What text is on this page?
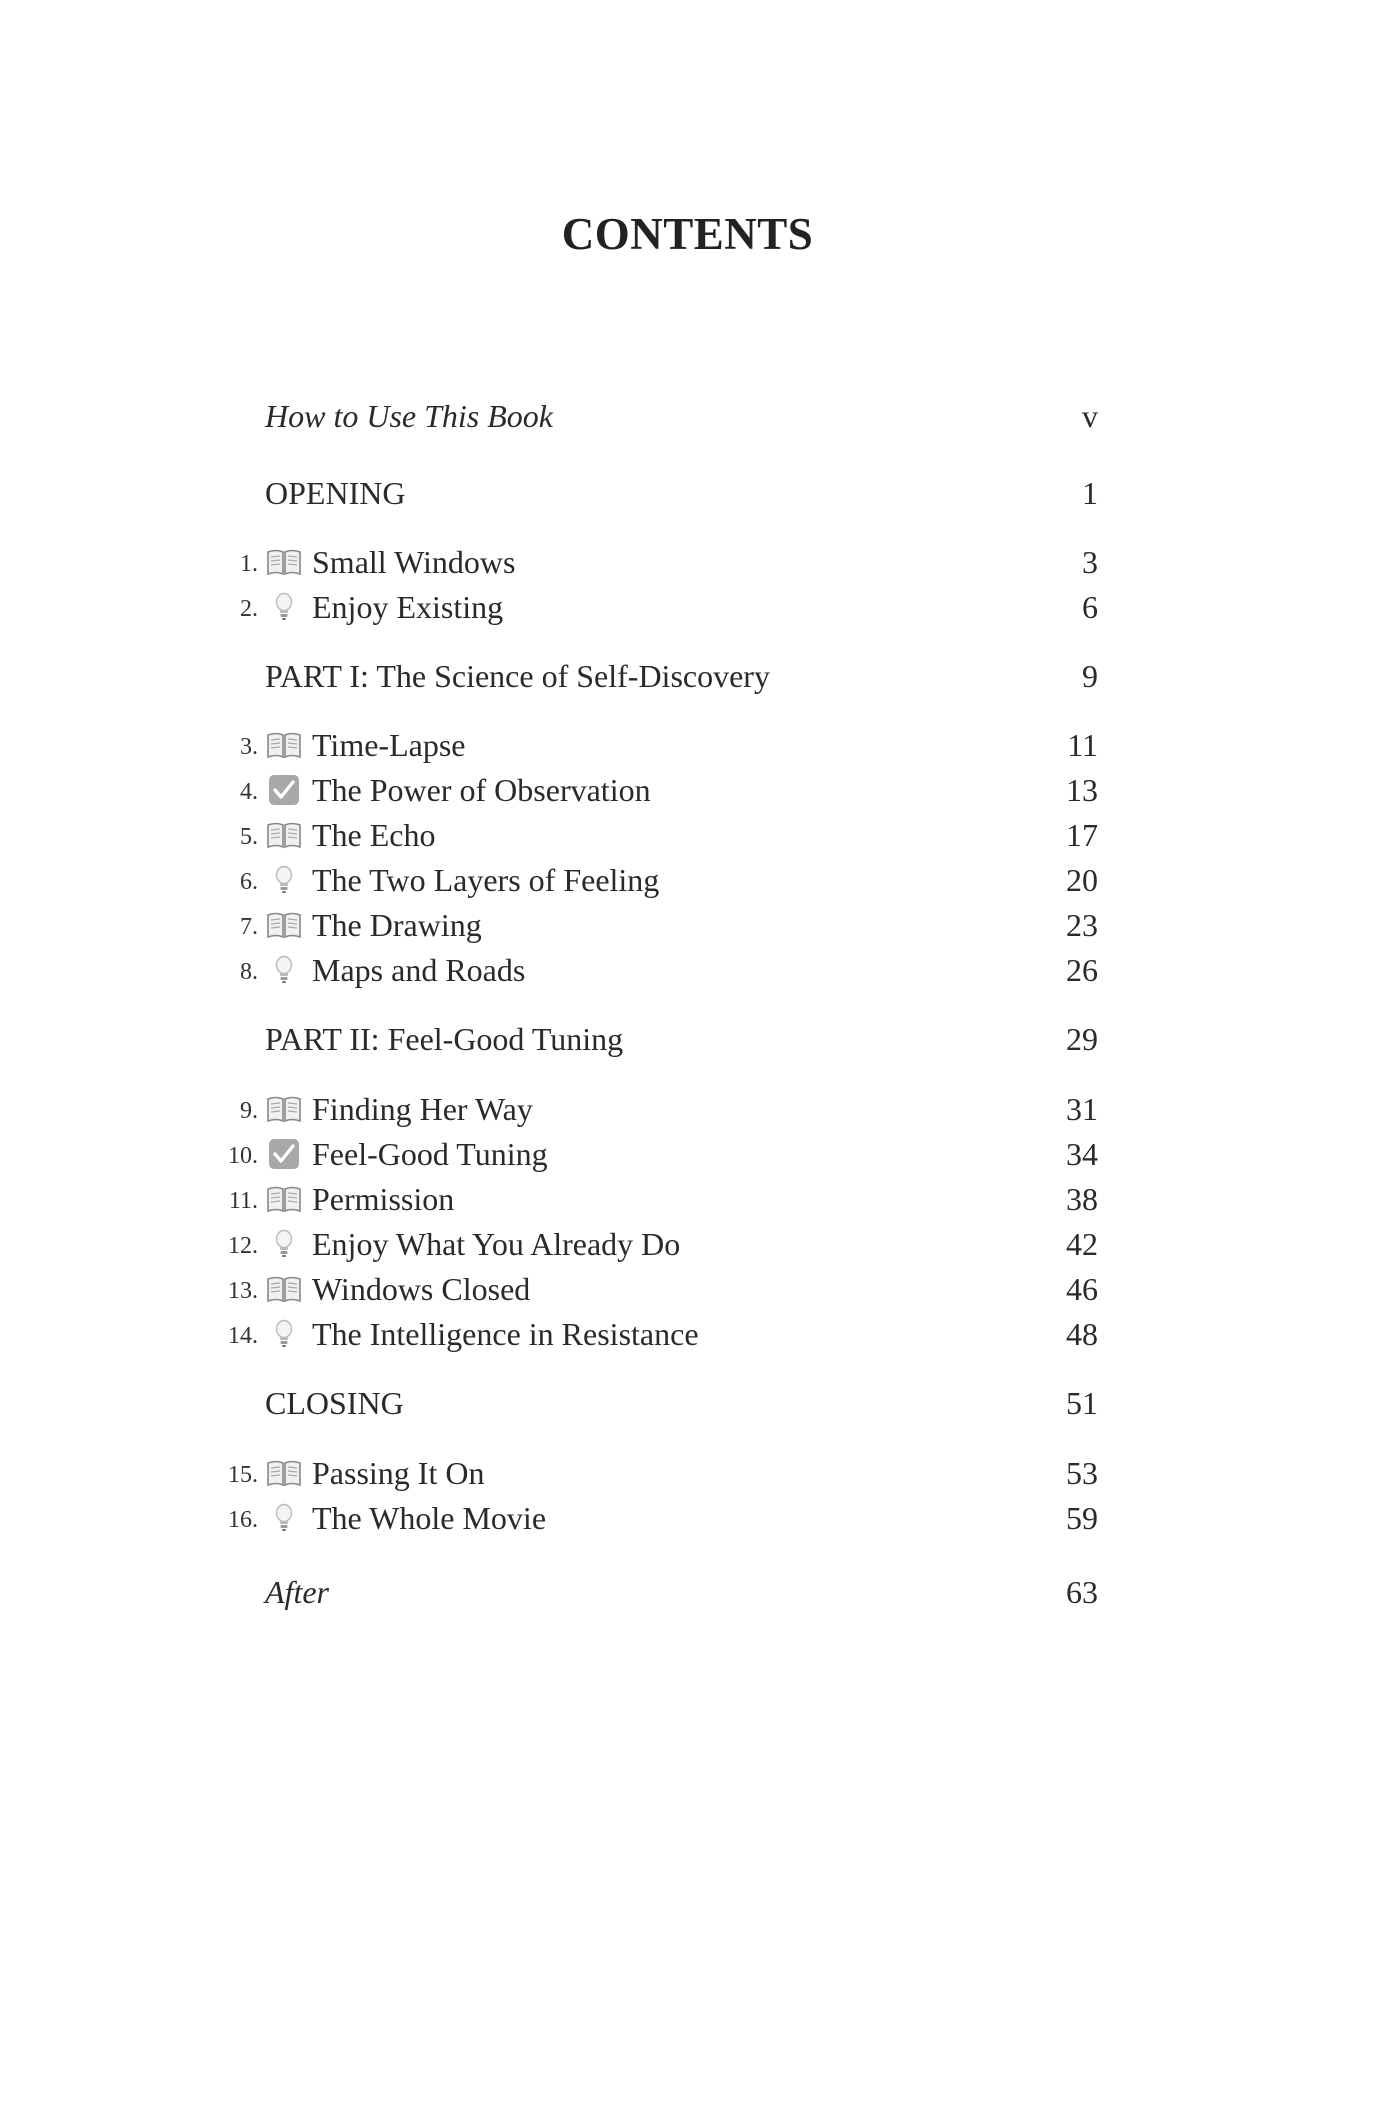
CONTENTS
How to Use This Book	v
OPENING	1
1. Small Windows	3
2. Enjoy Existing	6
PART I: The Science of Self-Discovery	9
3. Time-Lapse	11
4. The Power of Observation	13
5. The Echo	17
6. The Two Layers of Feeling	20
7. The Drawing	23
8. Maps and Roads	26
PART II: Feel-Good Tuning	29
9. Finding Her Way	31
10. Feel-Good Tuning	34
11. Permission	38
12. Enjoy What You Already Do	42
13. Windows Closed	46
14. The Intelligence in Resistance	48
CLOSING	51
15. Passing It On	53
16. The Whole Movie	59
After	63
